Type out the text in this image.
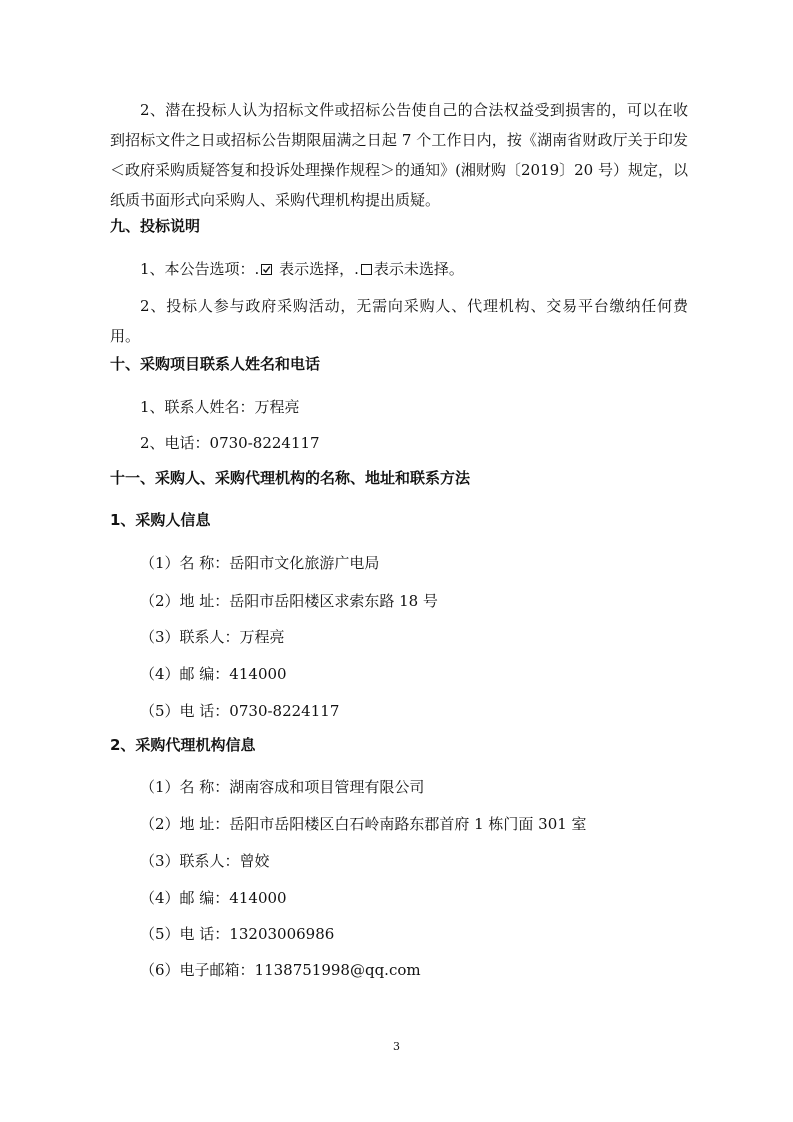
2、潜在投标人认为招标文件或招标公告使自己的合法权益受到损害的，可以在收到招标文件之日或招标公告期限届满之日起 7 个工作日内，按《湖南省财政厅关于印发＜政府采购质疑答复和投诉处理操作规程＞的通知》(湘财购〔2019〕20 号）规定，以纸质书面形式向采购人、采购代理机构提出质疑。
九、投标说明
1、本公告选项：.
表示选择，. 表示未选择。
2、投标人参与政府采购活动，无需向采购人、代理机构、交易平台缴纳任何费用。
十、采购项目联系人姓名和电话
1、联系人姓名：万程亮
2、电话：0730-8224117
十一、采购人、采购代理机构的名称、地址和联系方法
1、采购人信息
（1）名 称：岳阳市文化旅游广电局
（2）地 址：岳阳市岳阳楼区求索东路 18 号
（3）联系人：万程亮
（4）邮 编：414000
（5）电 话：0730-8224117
2、采购代理机构信息
（1）名 称：湖南容成和项目管理有限公司
（2）地 址：岳阳市岳阳楼区白石岭南路东郡首府 1 栋门面 301 室
（3）联系人：曾姣
（4）邮 编：414000
（5）电 话：13203006986
（6）电子邮箱：1138751998@qq.com
3
